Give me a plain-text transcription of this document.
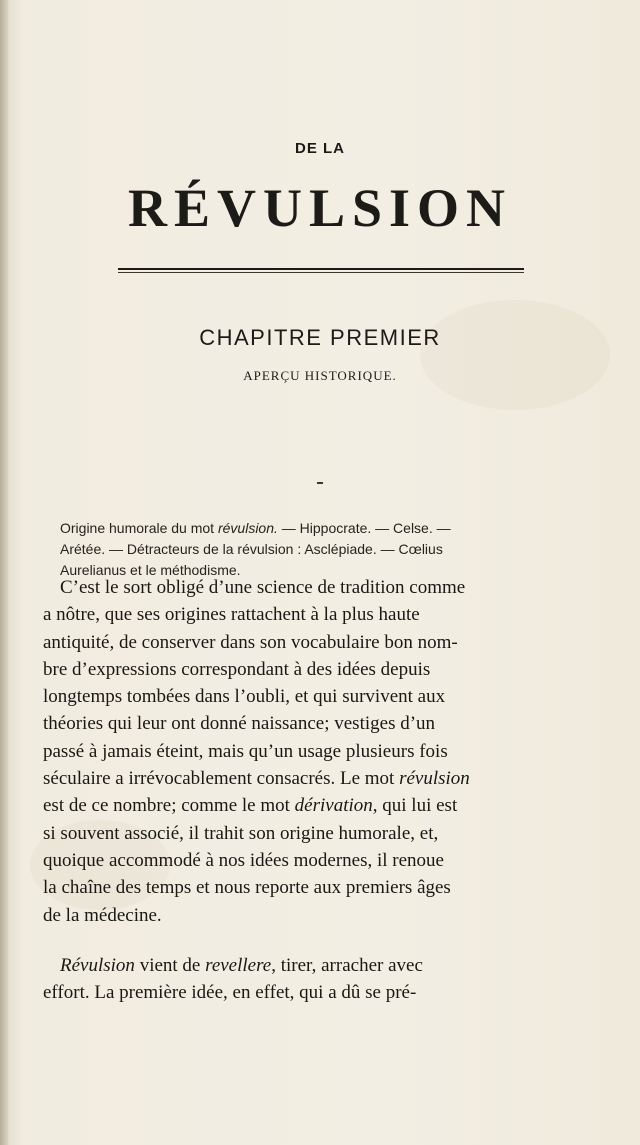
DE LA
RÉVULSION
CHAPITRE PREMIER
APERÇU HISTORIQUE.
Origine humorale du mot révulsion. — Hippocrate. — Celse. —
Arétée. — Détracteurs de la révulsion : Asclépiade. — Cœlius
Aurelianus et le méthodisme.
C’est le sort obligé d’une science de tradition comme
a nôtre, que ses origines rattachent à la plus haute
antiquité, de conserver dans son vocabulaire bon nom-
bre d’expressions correspondant à des idées depuis
longtemps tombées dans l’oubli, et qui survivent aux
théories qui leur ont donné naissance; vestiges d’un
passé à jamais éteint, mais qu’un usage plusieurs fois
séculaire a irrévocablement consacrés. Le mot révulsion
est de ce nombre; comme le mot dérivation, qui lui est
si souvent associé, il trahit son origine humorale, et,
quoique accommodé à nos idées modernes, il renoue
la chaîne des temps et nous reporte aux premiers âges
de la médecine.
Révulsion vient de revellere, tirer, arracher avec
effort. La première idée, en effet, qui a dû se pré-
